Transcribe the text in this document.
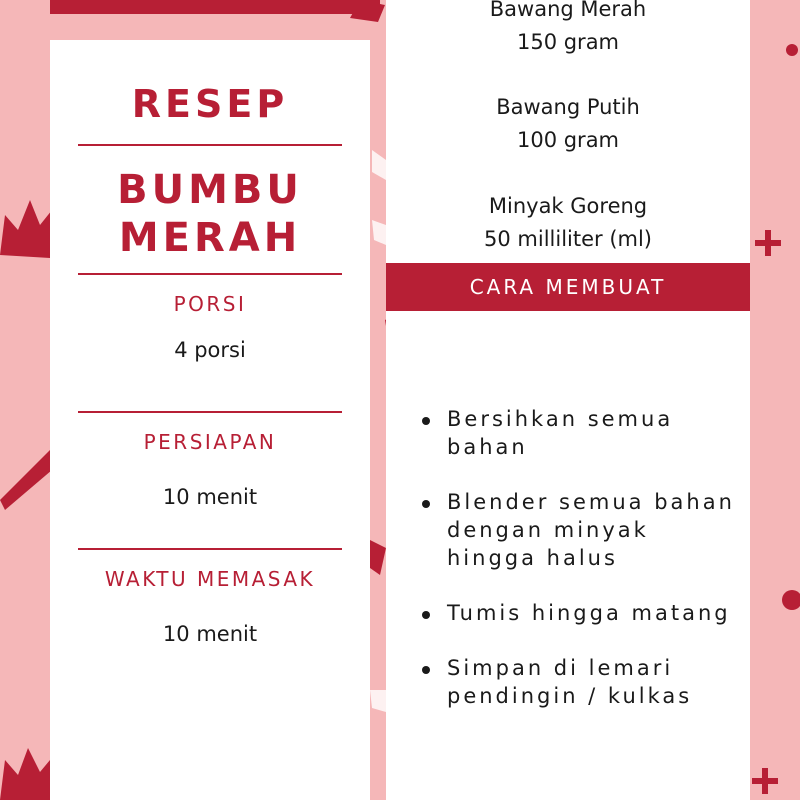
RESEP
BUMBU
MERAH
PORSI
4 porsi
PERSIAPAN
10 menit
WAKTU MEMASAK
10 menit
Bawang Merah
150 gram
Bawang Putih
100 gram
Minyak Goreng
50 milliliter (ml)
CARA MEMBUAT
Bersihkan semua bahan
Blender semua bahan dengan minyak hingga halus
Tumis hingga matang
Simpan di lemari pendingin / kulkas
